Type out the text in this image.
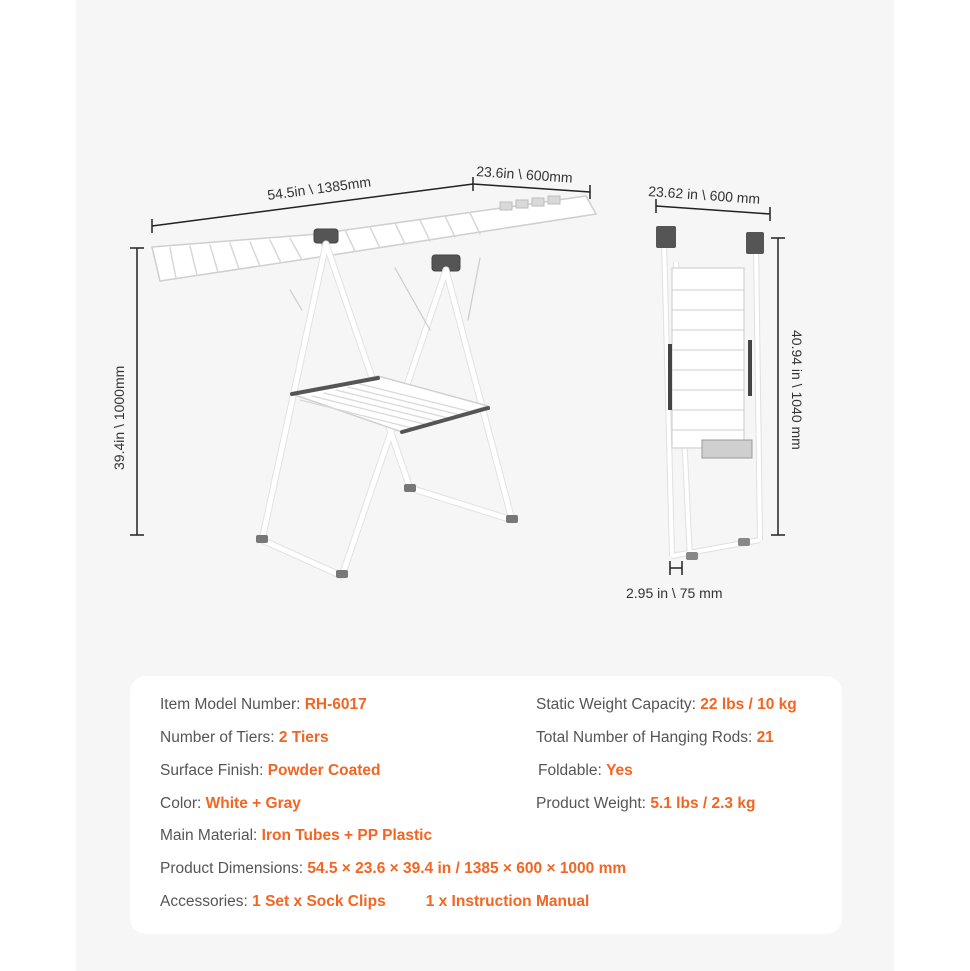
54.5in \ 1385mm	23.6in \ 600mm
39.4in \ 1000mm
23.62 in \ 600 mm
40.94 in \ 1040 mm
2.95 in \ 75 mm
Item Model Number: RH-6017
Number of Tiers: 2 Tiers
Surface Finish: Powder Coated
Color: White + Gray
Main Material: Iron Tubes + PP Plastic
Product Dimensions: 54.5 × 23.6 × 39.4 in / 1385 × 600 × 1000 mm
Accessories: 1 Set x Sock Clips	1 x Instruction Manual
Static Weight Capacity: 22 lbs / 10 kg
Total Number of Hanging Rods: 21
Foldable: Yes
Product Weight: 5.1 lbs / 2.3 kg
